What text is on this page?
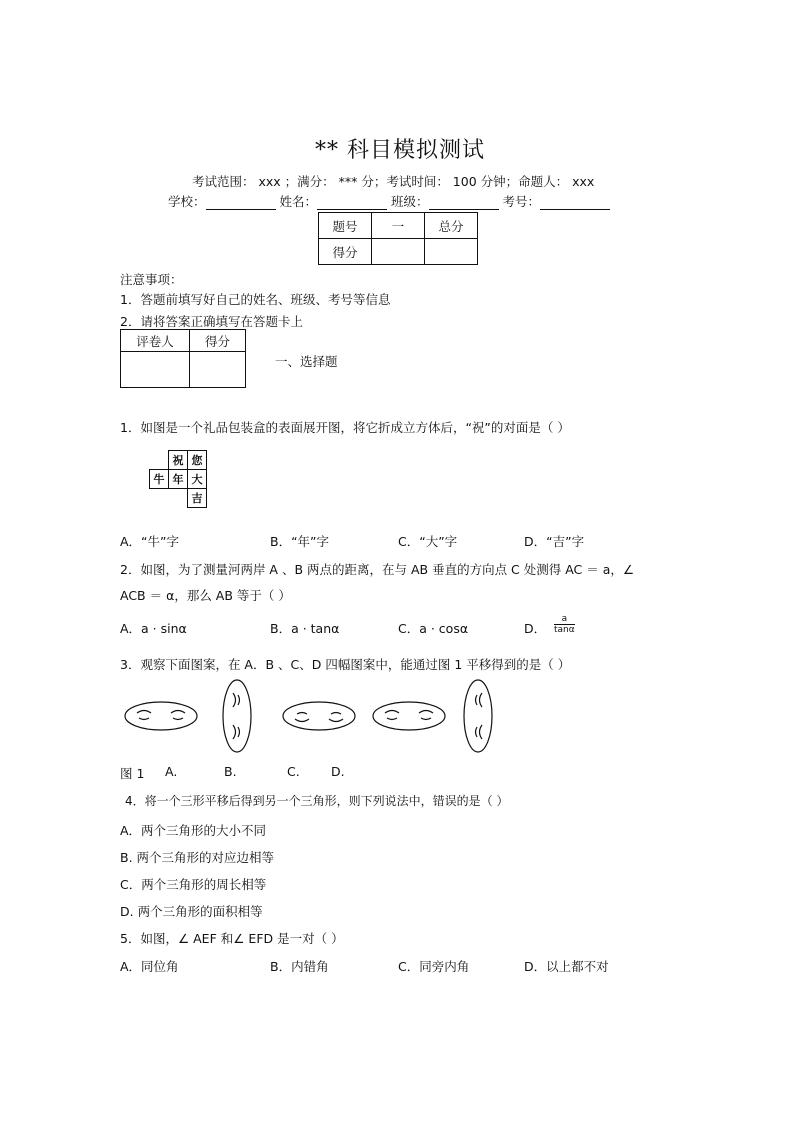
** 科目模拟测试
考试范围： xxx ；满分： *** 分；考试时间： 100 分钟；命题人： xxx
学校：	姓名：	班级：	考号：
题号	一	总分
得分		
注意事项：
1．答题前填写好自己的姓名、班级、考号等信息
2．请将答案正确填写在答题卡上
评卷人	得分

一、选择题
1．如图是一个礼品包装盒的表面展开图，将它折成立方体后，“祝”的对面是（ ）
		祝	您
	牛	年	大
			吉
A．“牛”字	B．“年”字	C．“大”字	D．“吉”字
2．如图，为了测量河两岸 A 、B 两点的距离，在与 AB 垂直的方向点 C 处测得 AC ＝ a，∠
ACB ＝ α，那么 AB 等于（ ）
A．a · sinα	B．a · tanα	C．a · cosα	D． $\frac{a}{\tan\alpha}$
3．观察下面图案，在 A．B 、C、D 四幅图案中，能通过图 1 平移得到的是（ ）
图 1 A.	B.	C.	D.
4．将一个三形平移后得到另一个三角形，则下列说法中，错误的是（ ）
A．两个三角形的大小不同
B. 两个三角形的对应边相等
C．两个三角形的周长相等
D. 两个三角形的面积相等
5．如图，∠ AEF 和∠ EFD 是一对（ ）
A．同位角	B．内错角	C．同旁内角	D．以上都不对
